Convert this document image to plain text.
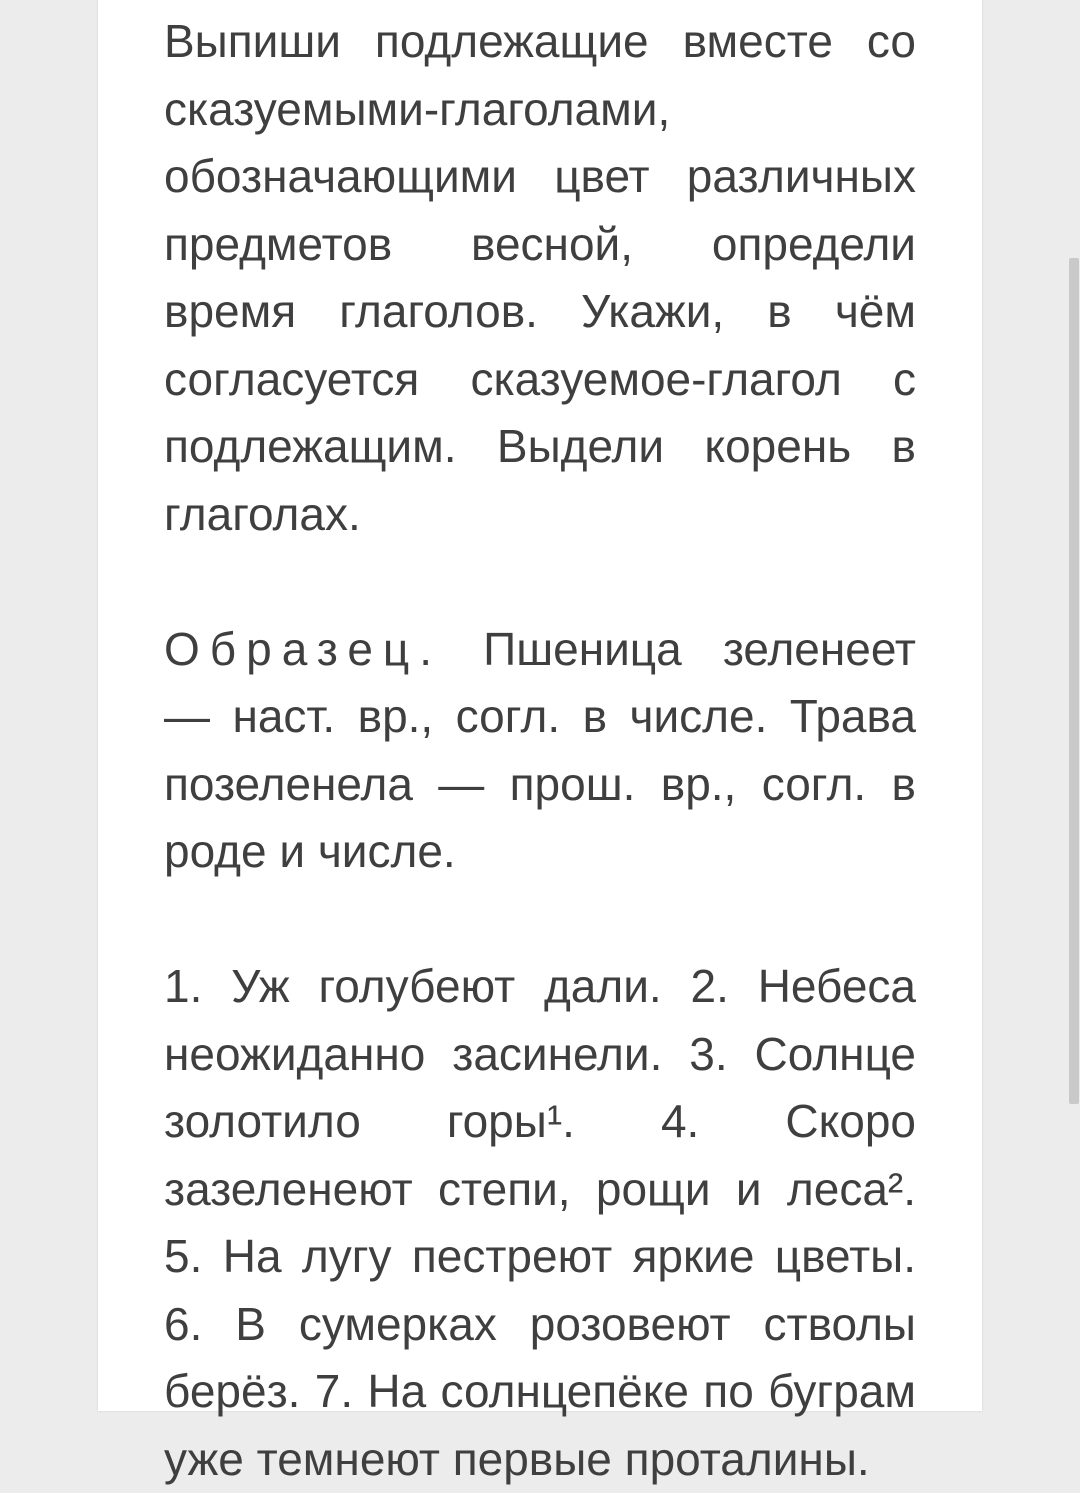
Выпиши подлежащие вместе со сказуемыми-глаголами, обозначающими цвет различных предметов весной, определи время глаголов. Укажи, в чём согласуется сказуемое-глагол с подлежащим. Выдели корень в глаголах.

Образец. Пшеница зеленеет — наст. вр., согл. в числе. Трава позеленела — прош. вр., согл. в роде и числе.

1. Уж голубеют дали. 2. Небеса неожиданно засинели. 3. Солнце золотило горы¹. 4. Скоро зазеленеют степи, рощи и леса². 5. На лугу пестреют яркие цветы. 6. В сумерках розовеют стволы берёз. 7. На солнцепёке по буграм уже темнеют первые проталины.
